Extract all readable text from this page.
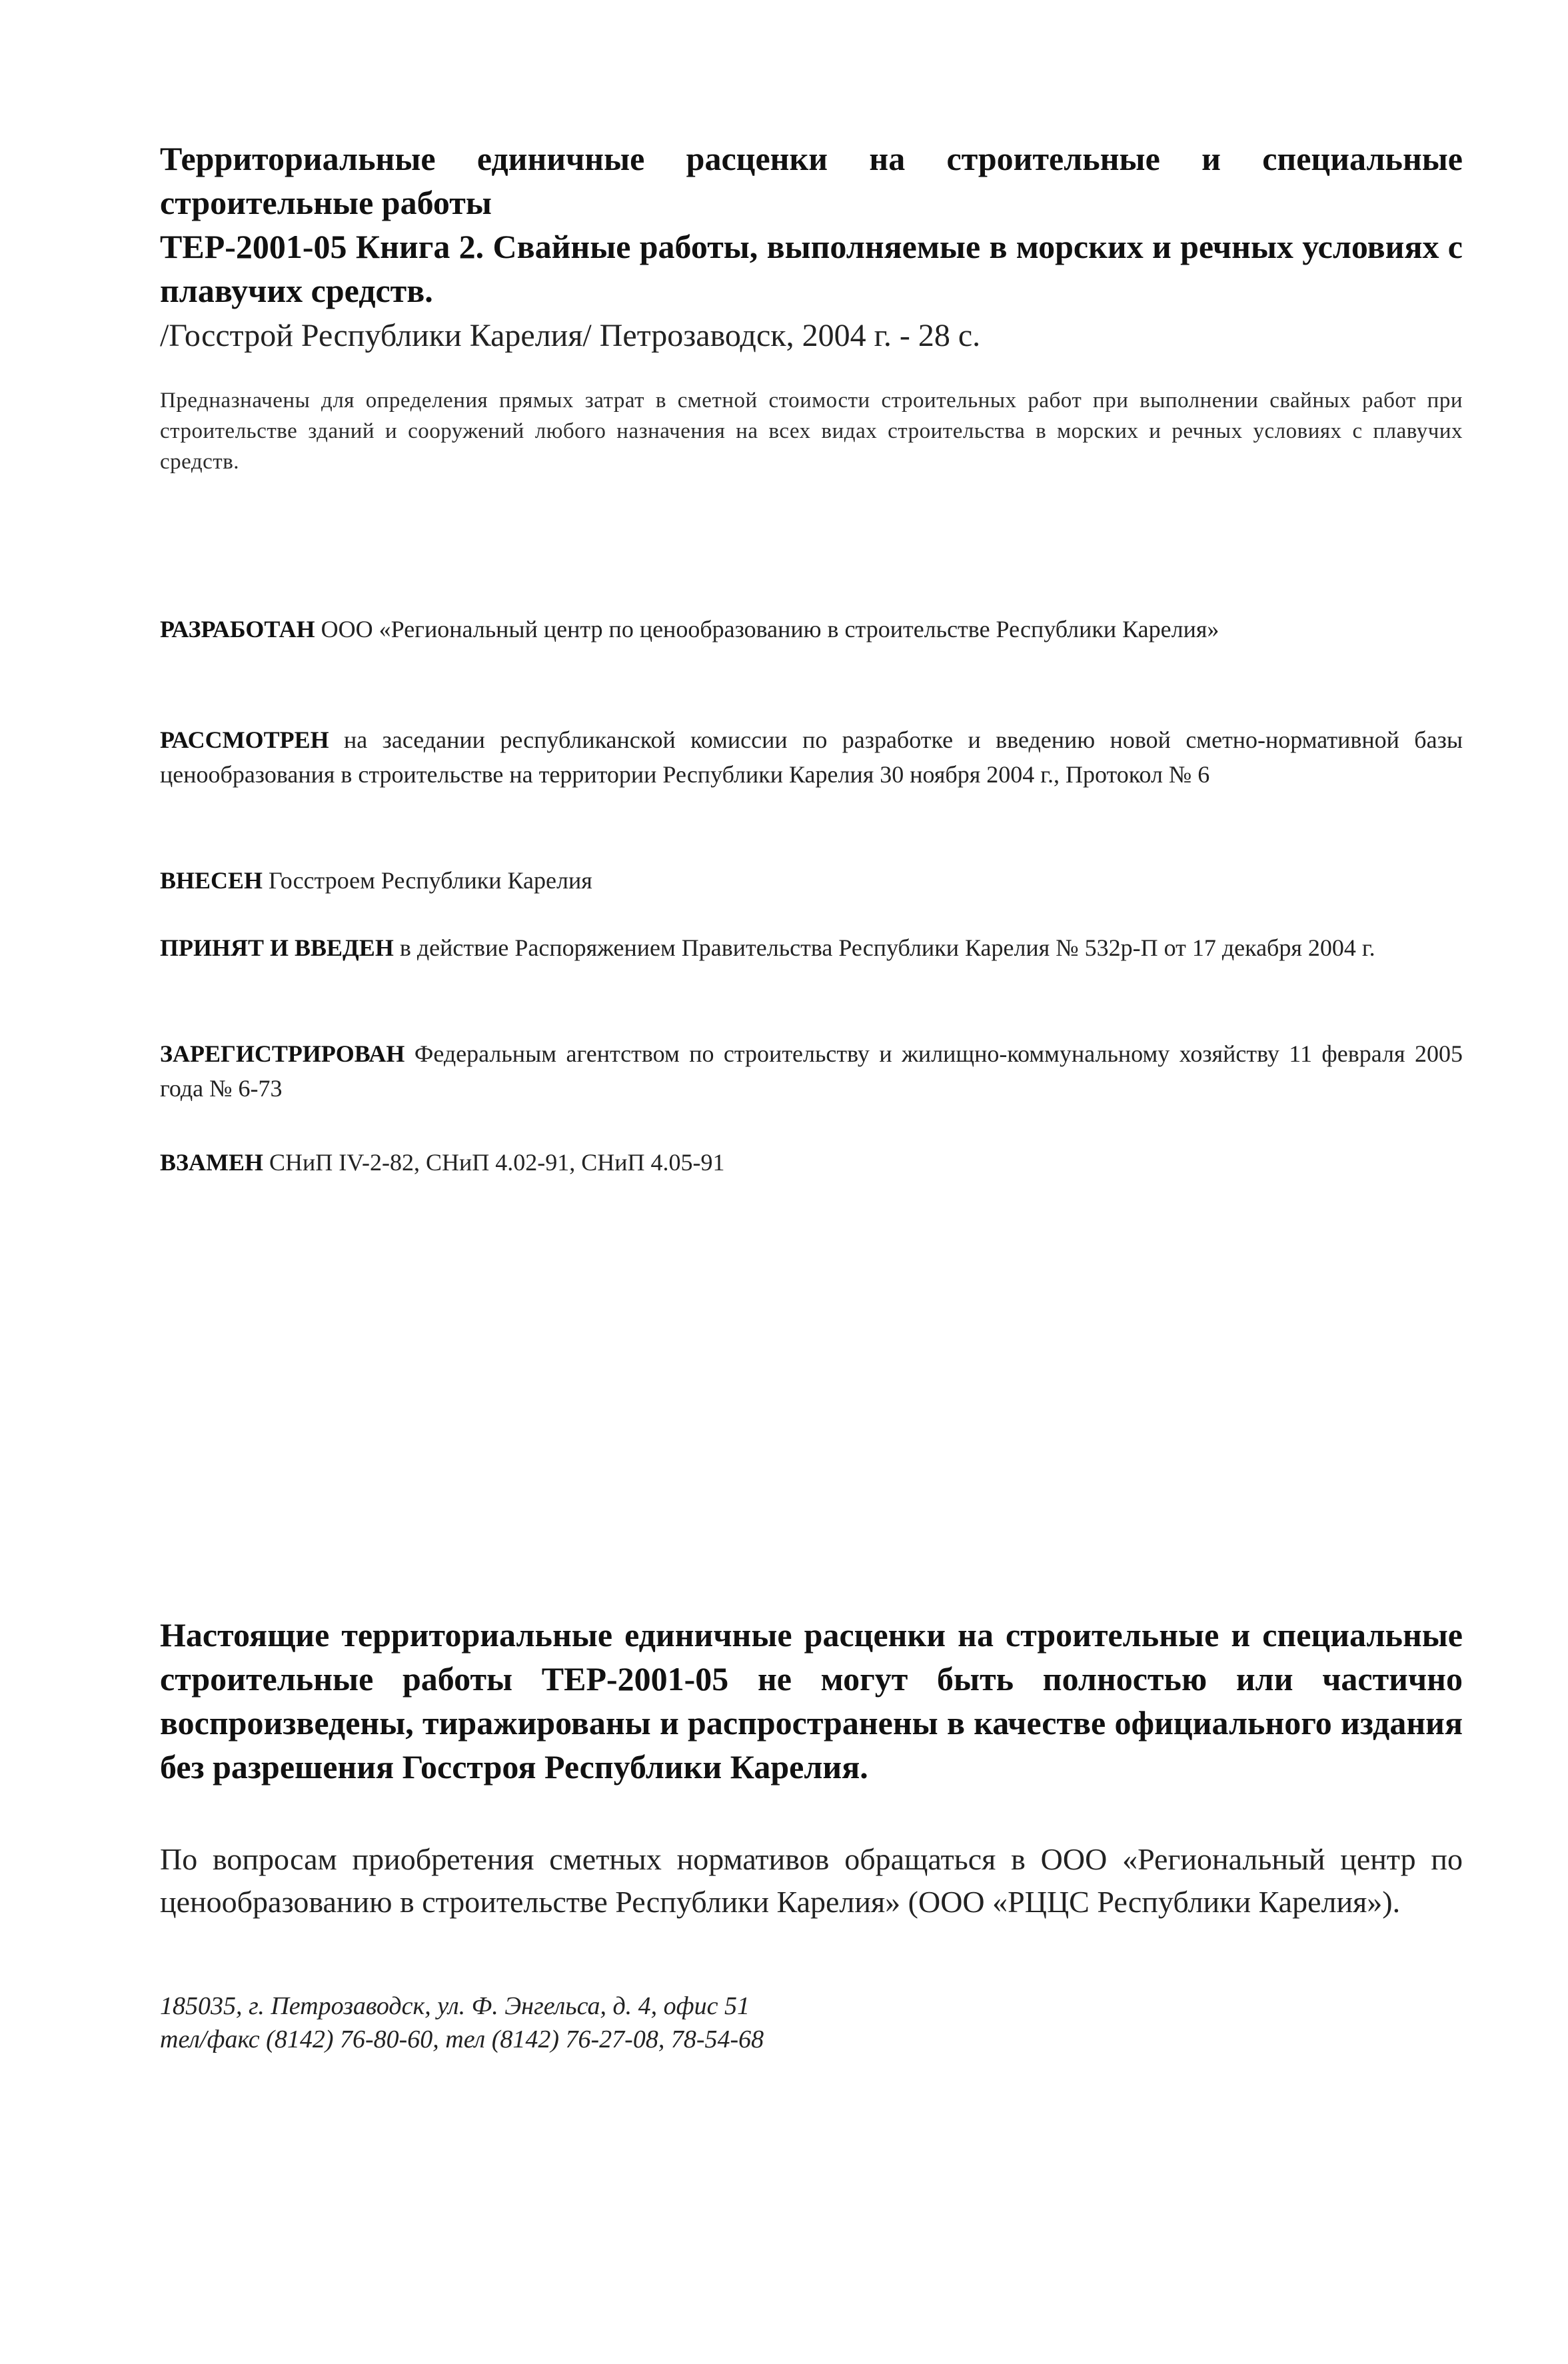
Территориальные единичные расценки на строительные и специальные строительные работы

ТЕР-2001-05 Книга 2. Свайные работы, выполняемые в морских и речных условиях с плавучих средств.

/Госстрой Республики Карелия/ Петрозаводск, 2004 г. - 28 с.

Предназначены для определения прямых затрат в сметной стоимости строительных работ при выполнении свайных работ при строительстве зданий и сооружений любого назначения на всех видах строительства в морских и речных условиях с плавучих средств.

РАЗРАБОТАН ООО «Региональный центр по ценообразованию в строительстве Республики Карелия»

РАССМОТРЕН на заседании республиканской комиссии по разработке и введению новой сметно-нормативной базы ценообразования в строительстве на территории Республики Карелия 30 ноября 2004 г., Протокол № 6

ВНЕСЕН Госстроем Республики Карелия

ПРИНЯТ И ВВЕДЕН в действие Распоряжением Правительства Республики Карелия № 532р-П от 17 декабря 2004 г.

ЗАРЕГИСТРИРОВАН Федеральным агентством по строительству и жилищно-коммунальному хозяйству 11 февраля 2005 года № 6-73

ВЗАМЕН СНиП IV-2-82, СНиП 4.02-91, СНиП 4.05-91

Настоящие территориальные единичные расценки на строительные и специальные строительные работы ТЕР-2001-05 не могут быть полностью или частично воспроизведены, тиражированы и распространены в качестве официального издания без разрешения Госстроя Республики Карелия.

По вопросам приобретения сметных нормативов обращаться в ООО «Региональный центр по ценообразованию в строительстве Республики Карелия» (ООО «РЦЦС Республики Карелия»).

185035, г. Петрозаводск, ул. Ф. Энгельса, д. 4, офис 51

тел/факс (8142) 76-80-60, тел (8142) 76-27-08, 78-54-68
